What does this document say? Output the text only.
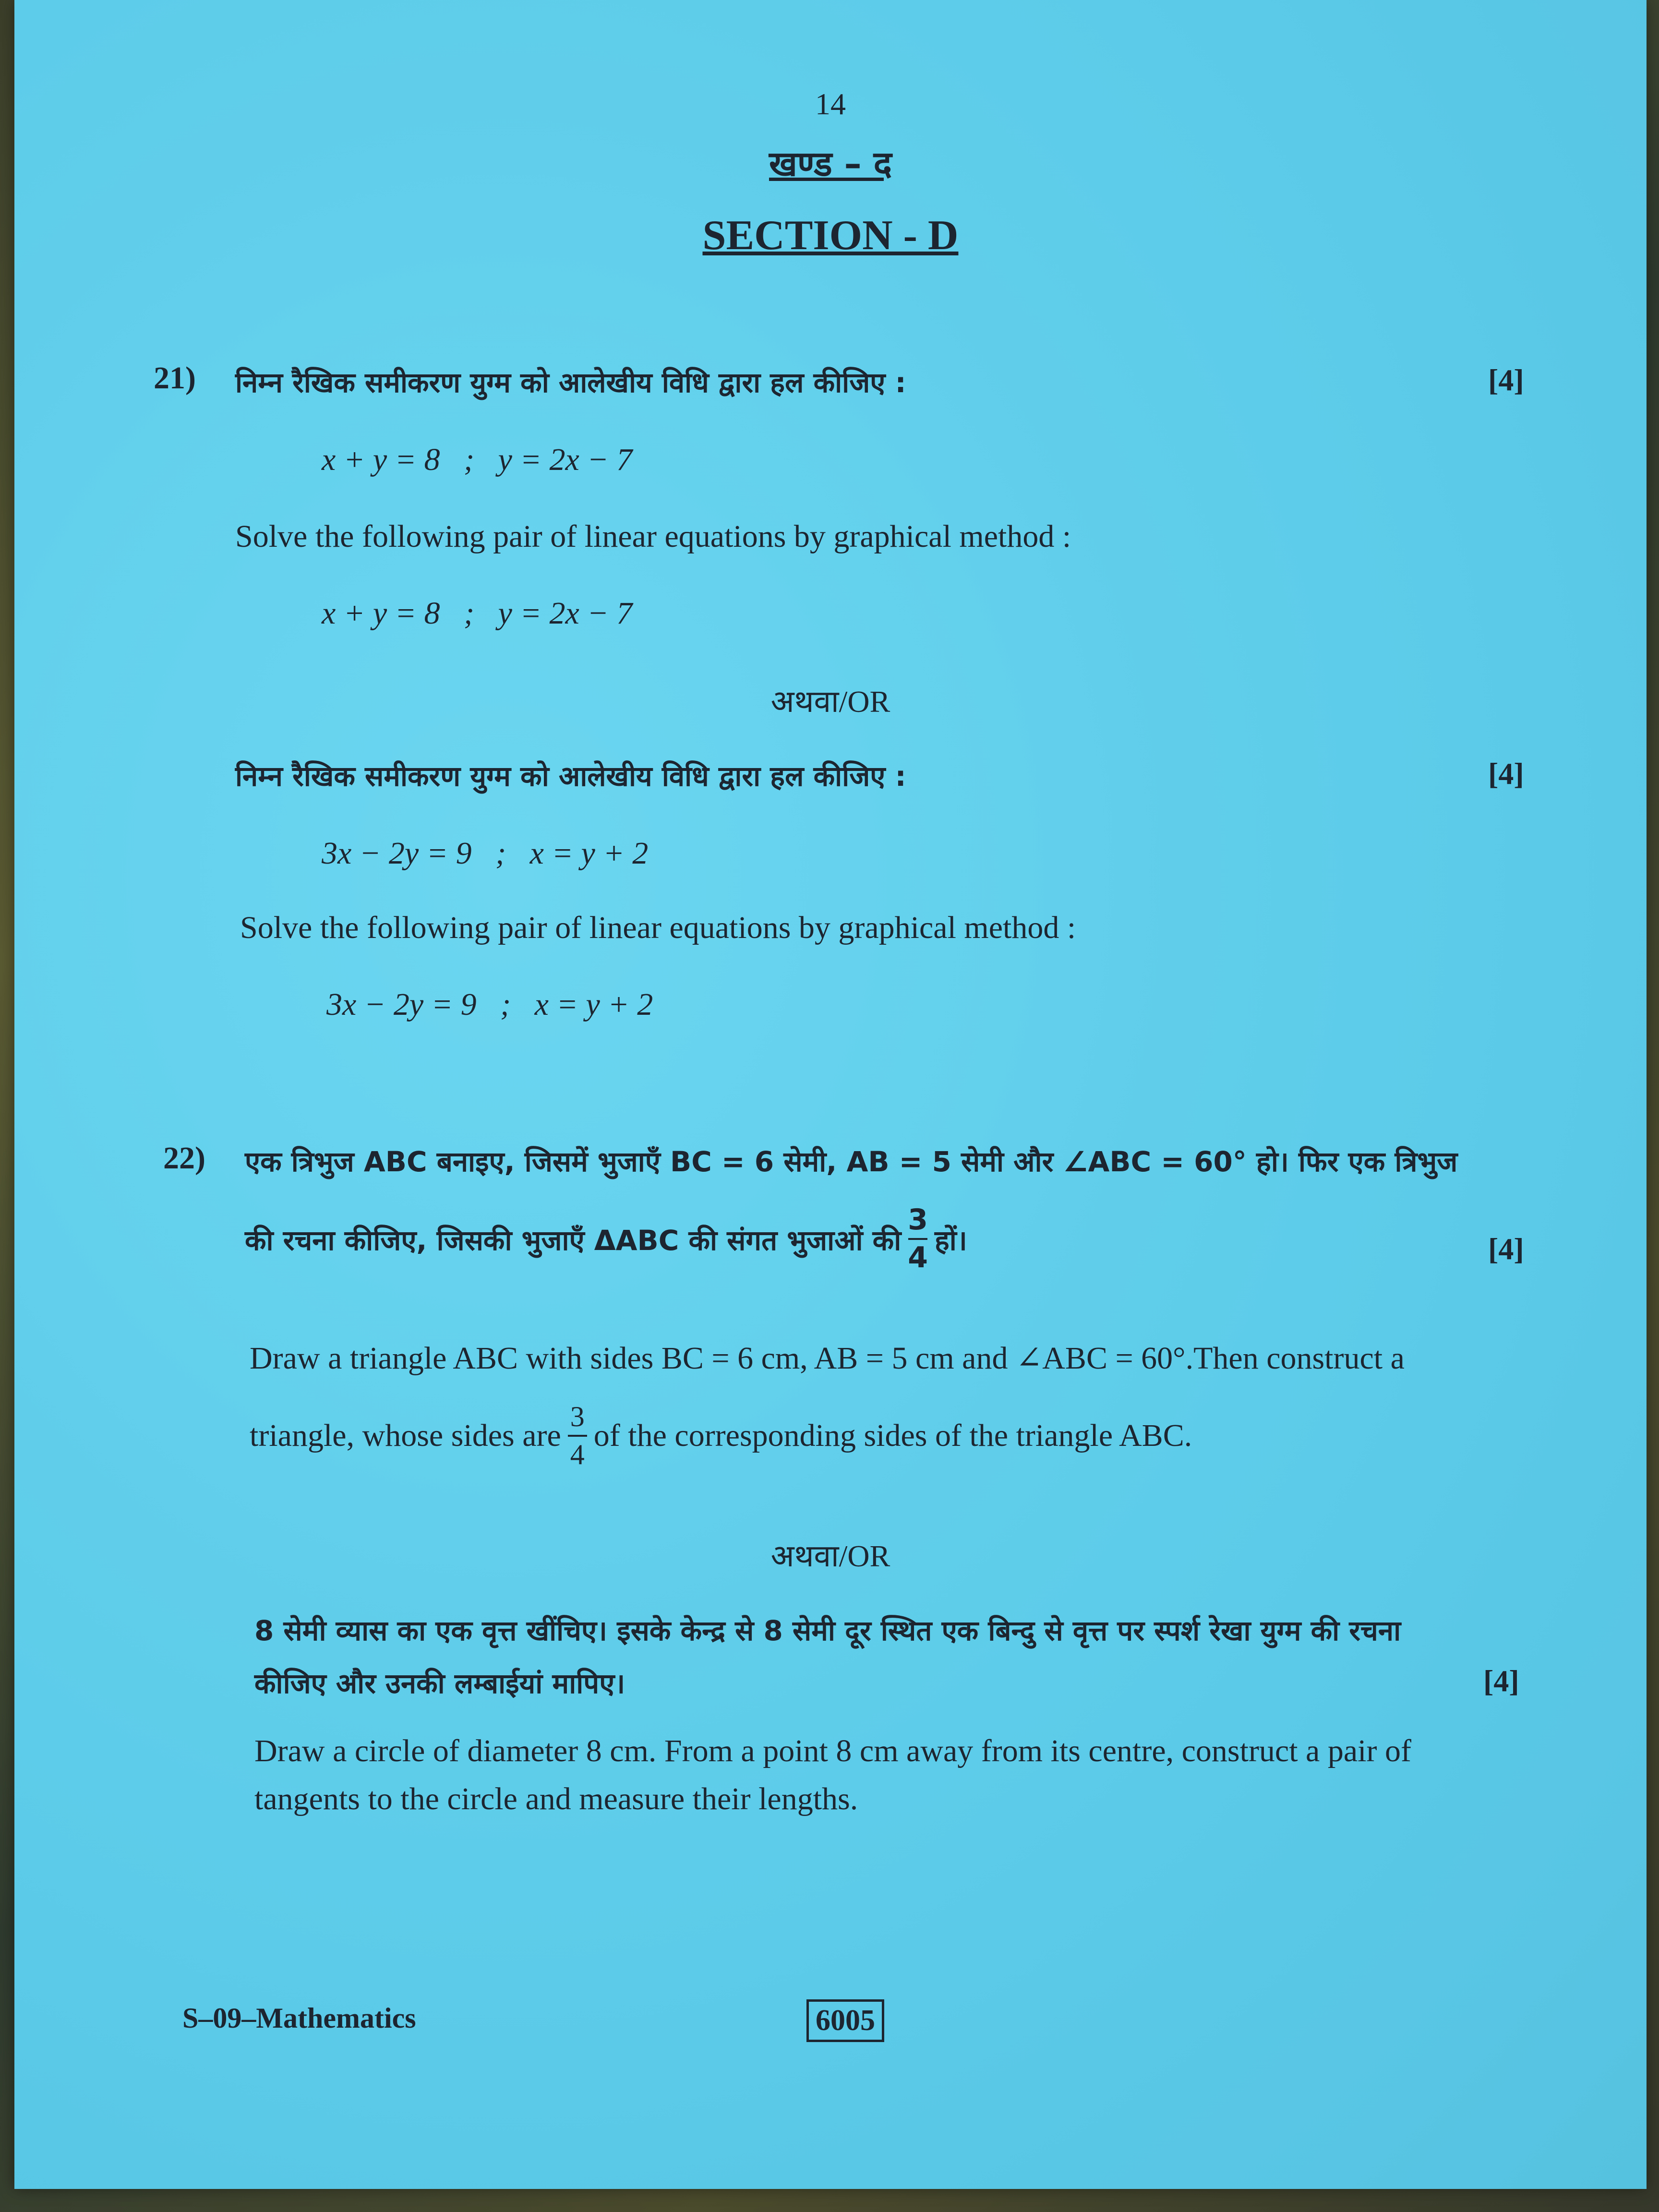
14
खण्ड – द
SECTION - D
21) निम्न रैखिक समीकरण युग्म को आलेखीय विधि द्वारा हल कीजिए :	[4]
x + y = 8   ;   y = 2x − 7
Solve the following pair of linear equations by graphical method :
x + y = 8   ;   y = 2x − 7
अथवा/OR
निम्न रैखिक समीकरण युग्म को आलेखीय विधि द्वारा हल कीजिए :	[4]
3x − 2y = 9   ;   x = y + 2
Solve the following pair of linear equations by graphical method :
3x − 2y = 9   ;   x = y + 2
22) एक त्रिभुज ABC बनाइए, जिसमें भुजाएँ BC = 6 सेमी, AB = 5 सेमी और ∠ABC = 60° हो। फिर एक त्रिभुज
की रचना कीजिए, जिसकी भुजाएँ ΔABC की संगत भुजाओं की $\frac{3}{4}$ हों।	[4]
Draw a triangle ABC with sides BC = 6 cm, AB = 5 cm and ∠ABC = 60°.Then construct a
triangle, whose sides are $\frac{3}{4}$ of the corresponding sides of the triangle ABC.
अथवा/OR
8 सेमी व्यास का एक वृत्त खींचिए। इसके केन्द्र से 8 सेमी दूर स्थित एक बिन्दु से वृत्त पर स्पर्श रेखा युग्म की रचना
कीजिए और उनकी लम्बाईयां मापिए।	[4]
Draw a circle of diameter 8 cm. From a point 8 cm away from its centre, construct a pair of
tangents to the circle and measure their lengths.
S–09–Mathematics	6005
